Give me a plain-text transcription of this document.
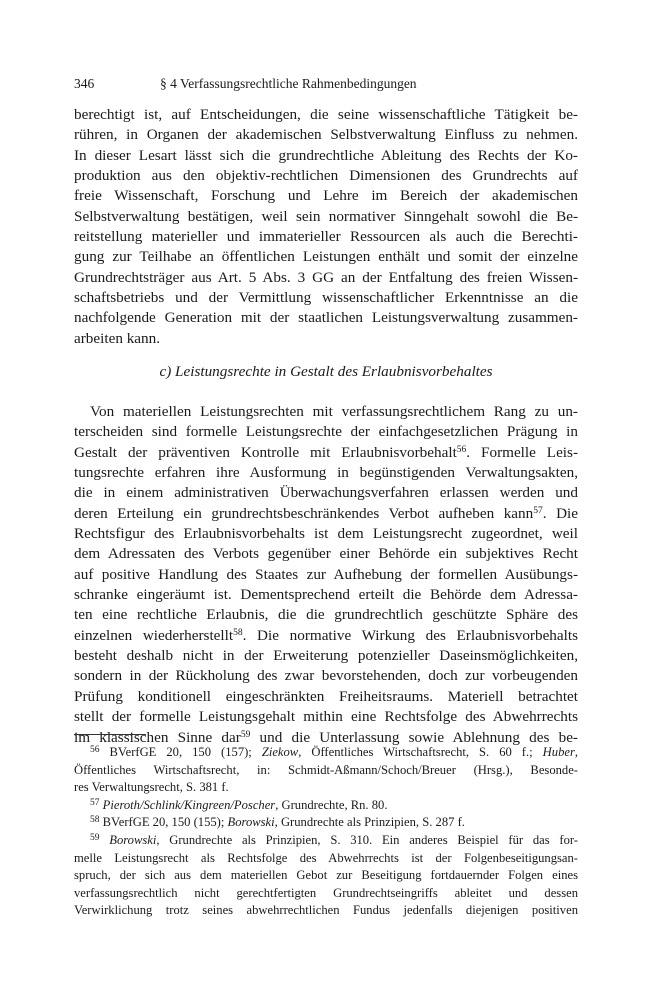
346	§ 4 Verfassungsrechtliche Rahmenbedingungen
berechtigt ist, auf Entscheidungen, die seine wissenschaftliche Tätigkeit be-
rühren, in Organen der akademischen Selbstverwaltung Einfluss zu nehmen.
In dieser Lesart lässt sich die grundrechtliche Ableitung des Rechts der Ko-
produktion aus den objektiv-rechtlichen Dimensionen des Grundrechts auf
freie Wissenschaft, Forschung und Lehre im Bereich der akademischen
Selbstverwaltung bestätigen, weil sein normativer Sinngehalt sowohl die Be-
reitstellung materieller und immaterieller Ressourcen als auch die Berechti-
gung zur Teilhabe an öffentlichen Leistungen enthält und somit der einzelne
Grundrechtsträger aus Art. 5 Abs. 3 GG an der Entfaltung des freien Wissen-
schaftsbetriebs und der Vermittlung wissenschaftlicher Erkenntnisse an die
nachfolgende Generation mit der staatlichen Leistungsverwaltung zusammen-
arbeiten kann.
c) Leistungsrechte in Gestalt des Erlaubnisvorbehaltes
Von materiellen Leistungsrechten mit verfassungsrechtlichem Rang zu un-
terscheiden sind formelle Leistungsrechte der einfachgesetzlichen Prägung in
Gestalt der präventiven Kontrolle mit Erlaubnisvorbehalt$^{56}$. Formelle Leis-
tungsrechte erfahren ihre Ausformung in begünstigenden Verwaltungsakten,
die in einem administrativen Überwachungsverfahren erlassen werden und
deren Erteilung ein grundrechtsbeschränkendes Verbot aufheben kann$^{57}$. Die
Rechtsfigur des Erlaubnisvorbehalts ist dem Leistungsrecht zugeordnet, weil
dem Adressaten des Verbots gegenüber einer Behörde ein subjektives Recht
auf positive Handlung des Staates zur Aufhebung der formellen Ausübungs-
schranke eingeräumt ist. Dementsprechend erteilt die Behörde dem Adressa-
ten eine rechtliche Erlaubnis, die die grundrechtlich geschützte Sphäre des
einzelnen wiederherstellt$^{58}$. Die normative Wirkung des Erlaubnisvorbehalts
besteht deshalb nicht in der Erweiterung potenzieller Daseinsmöglichkeiten,
sondern in der Rückholung des zwar bevorstehenden, doch zur vorbeugenden
Prüfung konditionell eingeschränkten Freiheitsraums. Materiell betrachtet
stellt der formelle Leistungsgehalt mithin eine Rechtsfolge des Abwehrrechts
im klassischen Sinne dar$^{59}$ und die Unterlassung sowie Ablehnung des be-
$^{56}$ BVerfGE 20, 150 (157); Ziekow, Öffentliches Wirtschaftsrecht, S. 60 f.; Huber,
Öffentliches Wirtschaftsrecht, in: Schmidt-Aßmann/Schoch/Breuer (Hrsg.), Besonde-
res Verwaltungsrecht, S. 381 f.
$^{57}$ Pieroth/Schlink/Kingreen/Poscher, Grundrechte, Rn. 80.
$^{58}$ BVerfGE 20, 150 (155); Borowski, Grundrechte als Prinzipien, S. 287 f.
$^{59}$ Borowski, Grundrechte als Prinzipien, S. 310. Ein anderes Beispiel für das for-
melle Leistungsrecht als Rechtsfolge des Abwehrrechts ist der Folgenbeseitigungsan-
spruch, der sich aus dem materiellen Gebot zur Beseitigung fortdauernder Folgen eines
verfassungsrechtlich nicht gerechtfertigten Grundrechtseingriffs ableitet und dessen
Verwirklichung trotz seines abwehrrechtlichen Fundus jedenfalls diejenigen positiven
